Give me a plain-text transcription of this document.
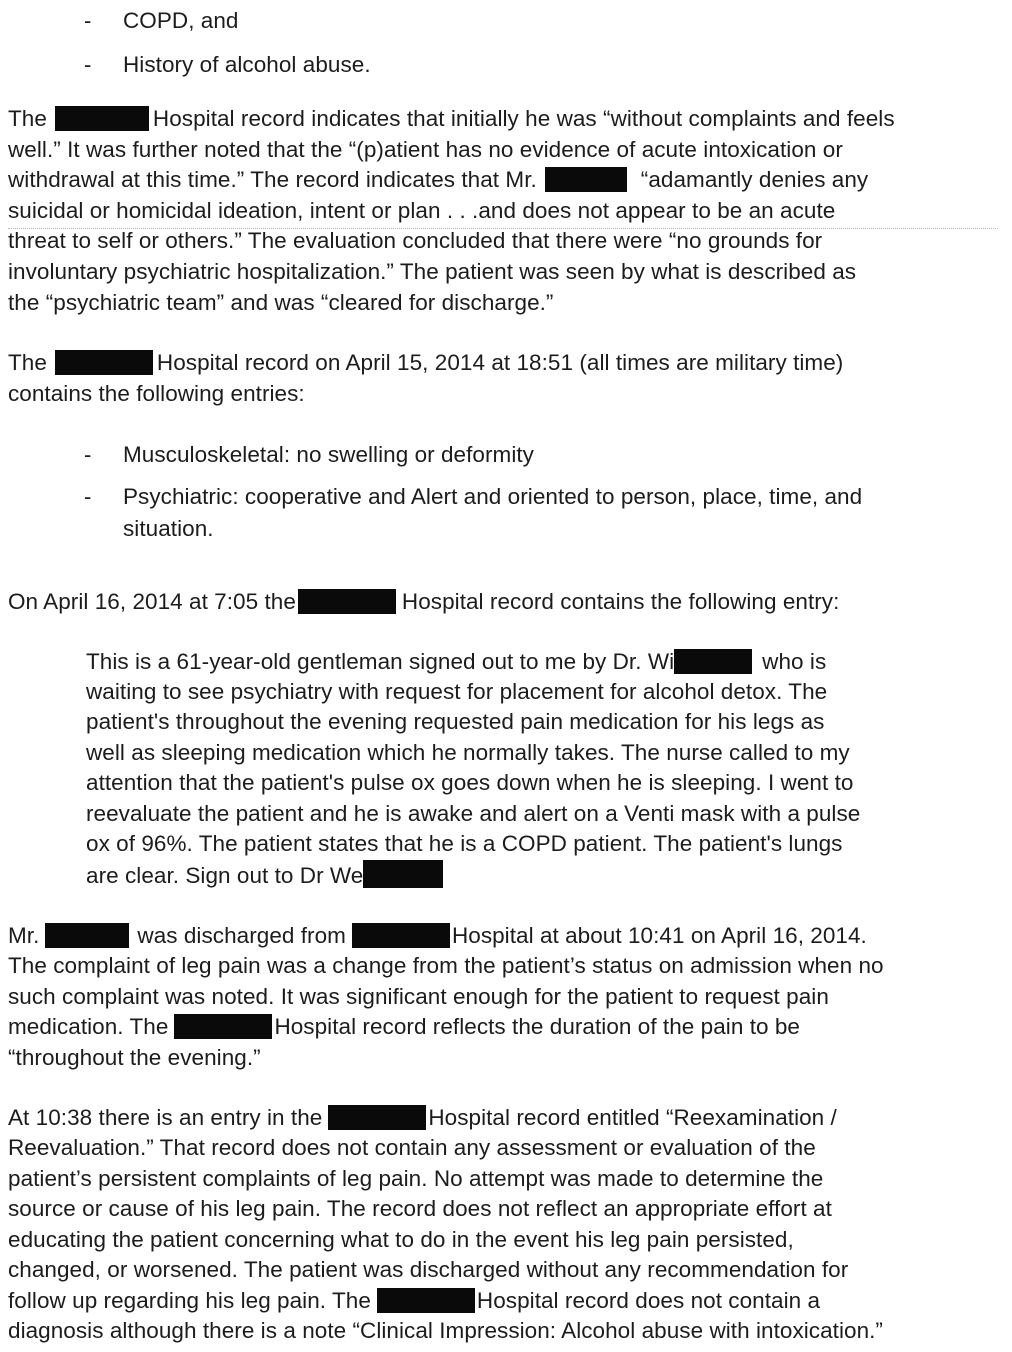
- COPD, and
- History of alcohol abuse.
The	Hospital record indicates that initially he was “without complaints and feels
well.” It was further noted that the “(p)atient has no evidence of acute intoxication or
withdrawal at this time.” The record indicates that Mr.	“adamantly denies any
suicidal or homicidal ideation, intent or plan . . .and does not appear to be an acute
threat to self or others.” The evaluation concluded that there were “no grounds for
involuntary psychiatric hospitalization.” The patient was seen by what is described as
the “psychiatric team” and was “cleared for discharge.”
The	Hospital record on April 15, 2014 at 18:51 (all times are military time)
contains the following entries:
- Musculoskeletal: no swelling or deformity
- Psychiatric: cooperative and Alert and oriented to person, place, time, and
situation.
On April 16, 2014 at 7:05 the	Hospital record contains the following entry:
This is a 61-year-old gentleman signed out to me by Dr. Wi	who is
waiting to see psychiatry with request for placement for alcohol detox. The
patient's throughout the evening requested pain medication for his legs as
well as sleeping medication which he normally takes. The nurse called to my
attention that the patient's pulse ox goes down when he is sleeping. I went to
reevaluate the patient and he is awake and alert on a Venti mask with a pulse
ox of 96%. The patient states that he is a COPD patient. The patient's lungs
are clear. Sign out to Dr We
Mr.	was discharged from	Hospital at about 10:41 on April 16, 2014.
The complaint of leg pain was a change from the patient’s status on admission when no
such complaint was noted. It was significant enough for the patient to request pain
medication. The	Hospital record reflects the duration of the pain to be
“throughout the evening.”
At 10:38 there is an entry in the	Hospital record entitled “Reexamination /
Reevaluation.” That record does not contain any assessment or evaluation of the
patient’s persistent complaints of leg pain. No attempt was made to determine the
source or cause of his leg pain. The record does not reflect an appropriate effort at
educating the patient concerning what to do in the event his leg pain persisted,
changed, or worsened. The patient was discharged without any recommendation for
follow up regarding his leg pain. The	Hospital record does not contain a
diagnosis although there is a note “Clinical Impression: Alcohol abuse with intoxication.”
